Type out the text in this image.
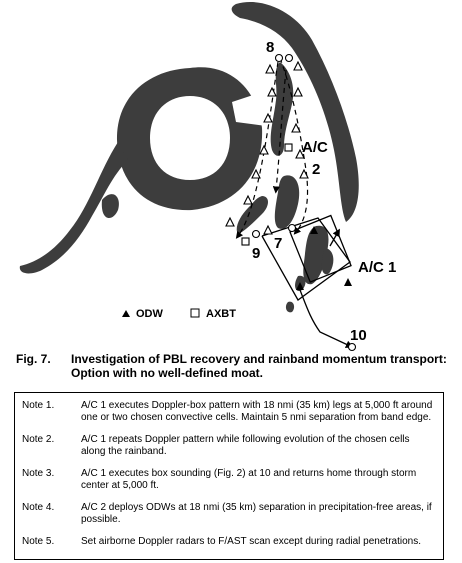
8
7
9
10
A/C
2
A/C 1
ODW	AXBT
Fig. 7. Investigation of PBL recovery and rainband momentum transport: Option with no well-defined moat.
Note 1.	A/C 1 executes Doppler-box pattern with 18 nmi (35 km) legs at 5,000 ft around one or two chosen convective cells. Maintain 5 nmi separation from band edge.
Note 2.	A/C 1 repeats Doppler pattern while following evolution of the chosen cells along the rainband.
Note 3.	A/C 1 executes box sounding (Fig. 2) at 10 and returns home through storm center at 5,000 ft.
Note 4.	A/C 2 deploys ODWs at 18 nmi (35 km) separation in precipitation-free areas, if possible.
Note 5.	Set airborne Doppler radars to F/AST scan except during radial penetrations.
